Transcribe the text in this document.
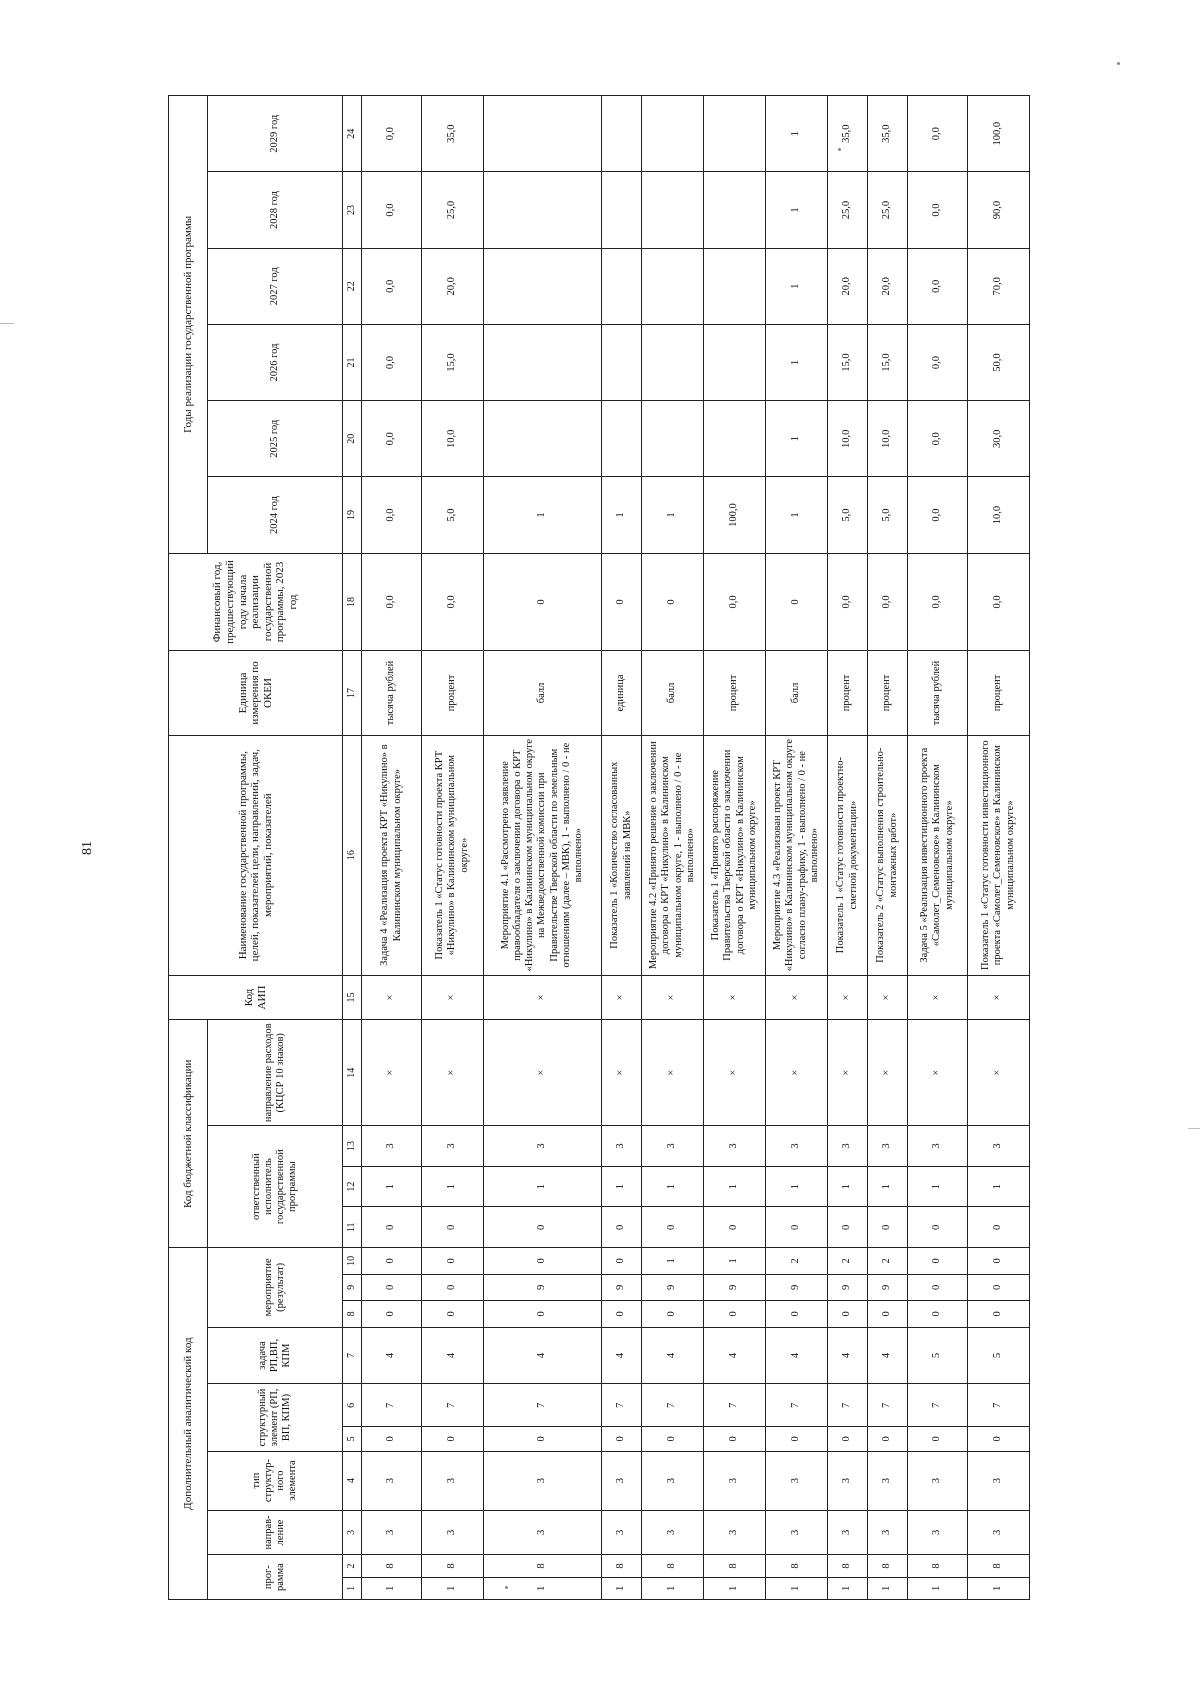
81
Дополнительный аналитический код										Код бюджетной классификации				Код АИП	Наименование государственной программы, целей, показателей цели, направлений, задач, мероприятий, показателей	Единица измерения по ОКЕИ	Финансовый год, предшествующий году начала реализации государственной программы, 2023 год	Годы реализации государственной программы					
прог-рамма		направ-ление	тип структур-ного элемента	структурный элемент (РП, ВП, КПМ)		задача РП,ВП, КПМ	мероприятие (результат)			ответственный исполнитель государственной программы			направление расходов (КЦСР 10 знаков)										
																		2024 год	2025 год	2026 год	2027 год	2028 год	2029 год
1	2	3	4	5	6	7	8	9	10	11	12	13	14	15	16	17	18	19	20	21	22	23	24
1	8	3	3	0	7	4	0	0	0	0	1	3	×	×	Задача 4 «Реализация проекта КРТ «Никулино» в Калининском муниципальном округе»	тысяча рублей	0,0	0,0	0,0	0,0	0,0	0,0	0,0
1	8	3	3	0	7	4	0	0	0	0	1	3	×	×	Показатель 1 «Статус готовности проекта КРТ «Никулино» в Калининском муниципальном округе»	процент	0,0	5,0	10,0	15,0	20,0	25,0	35,0
1	8	3	3	0	7	4	0	9	0	0	1	3	×	×	Мероприятие 4.1 «Рассмотрено заявление правообладателя о заключении договора о КРТ «Никулино» в Калининском муниципальном округе на Межведомственной комиссии при Правительстве Тверской области по земельным отношениям (далее – МВК), 1 - выполнено / 0 - не выполнено»	балл	0	1					
1	8	3	3	0	7	4	0	9	0	0	1	3	×	×	Показатель 1 «Количество согласованных заявлений на МВК»	единица	0	1					
1	8	3	3	0	7	4	0	9	1	0	1	3	×	×	Мероприятие 4.2 «Принято решение о заключении договора о КРТ «Никулино» в Калининском муниципальном округе, 1 - выполнено / 0 - не выполнено»	балл	0	1					
1	8	3	3	0	7	4	0	9	1	0	1	3	×	×	Показатель 1 «Принято распоряжение Правительства Тверской области о заключении договора о КРТ «Никулино» в Калининском муниципальном округе»	процент	0,0	100,0					
1	8	3	3	0	7	4	0	9	2	0	1	3	×	×	Мероприятие 4.3 «Реализован проект КРТ «Никулино» в Калининском муниципальном округе согласно плану-графику, 1 - выполнено / 0 - не выполнено»	балл	0	1	1	1	1	1	1
1	8	3	3	0	7	4	0	9	2	0	1	3	×	×	Показатель 1 «Статус готовности проектно-сметной документации»	процент	0,0	5,0	10,0	15,0	20,0	25,0	35,0
1	8	3	3	0	7	4	0	9	2	0	1	3	×	×	Показатель 2 «Статус выполнения строительно-монтажных работ»	процент	0,0	5,0	10,0	15,0	20,0	25,0	35,0
1	8	3	3	0	7	5	0	0	0	0	1	3	×	×	Задача 5 «Реализация инвестиционного проекта «Самолет_Семеновское» в Калининском муниципальном округе»	тысяча рублей	0,0	0,0	0,0	0,0	0,0	0,0	0,0
1	8	3	3	0	7	5	0	0	0	0	1	3	×	×	Показатель 1 «Статус готовности инвестиционного проекта «Самолет_Семеновское» в Калининском муниципальном округе»	процент	0,0	10,0	30,0	50,0	70,0	90,0	100,0
